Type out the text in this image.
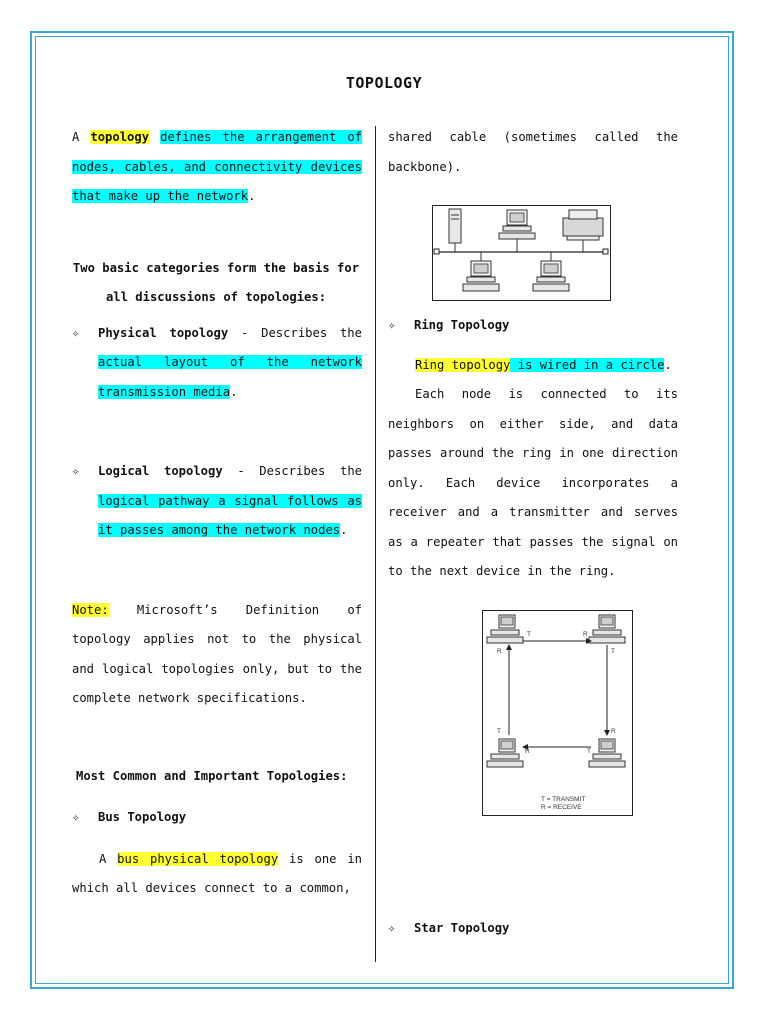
TOPOLOGY

A topology defines the arrangement of nodes, cables, and connectivity devices that make up the network.

Two basic categories form the basis for all discussions of topologies:

✧ Physical topology - Describes the actual layout of the network transmission media.

✧ Logical topology - Describes the logical pathway a signal follows as it passes among the network nodes.

Note: Microsoft’s Definition of topology applies not to the physical and logical topologies only, but to the complete network specifications.

Most Common and Important Topologies:

✧ Bus Topology

A bus physical topology is one in which all devices connect to a common,

shared cable (sometimes called the backbone).

✧ Ring Topology

Ring topology is wired in a circle.

Each node is connected to its neighbors on either side, and data passes around the ring in one direction only. Each device incorporates a receiver and a transmitter and serves as a repeater that passes the signal on to the next device in the ring.

T	R
T
R
T
R
T
R
T = TRANSMIT
R = RECEIVE

✧ Star Topology
